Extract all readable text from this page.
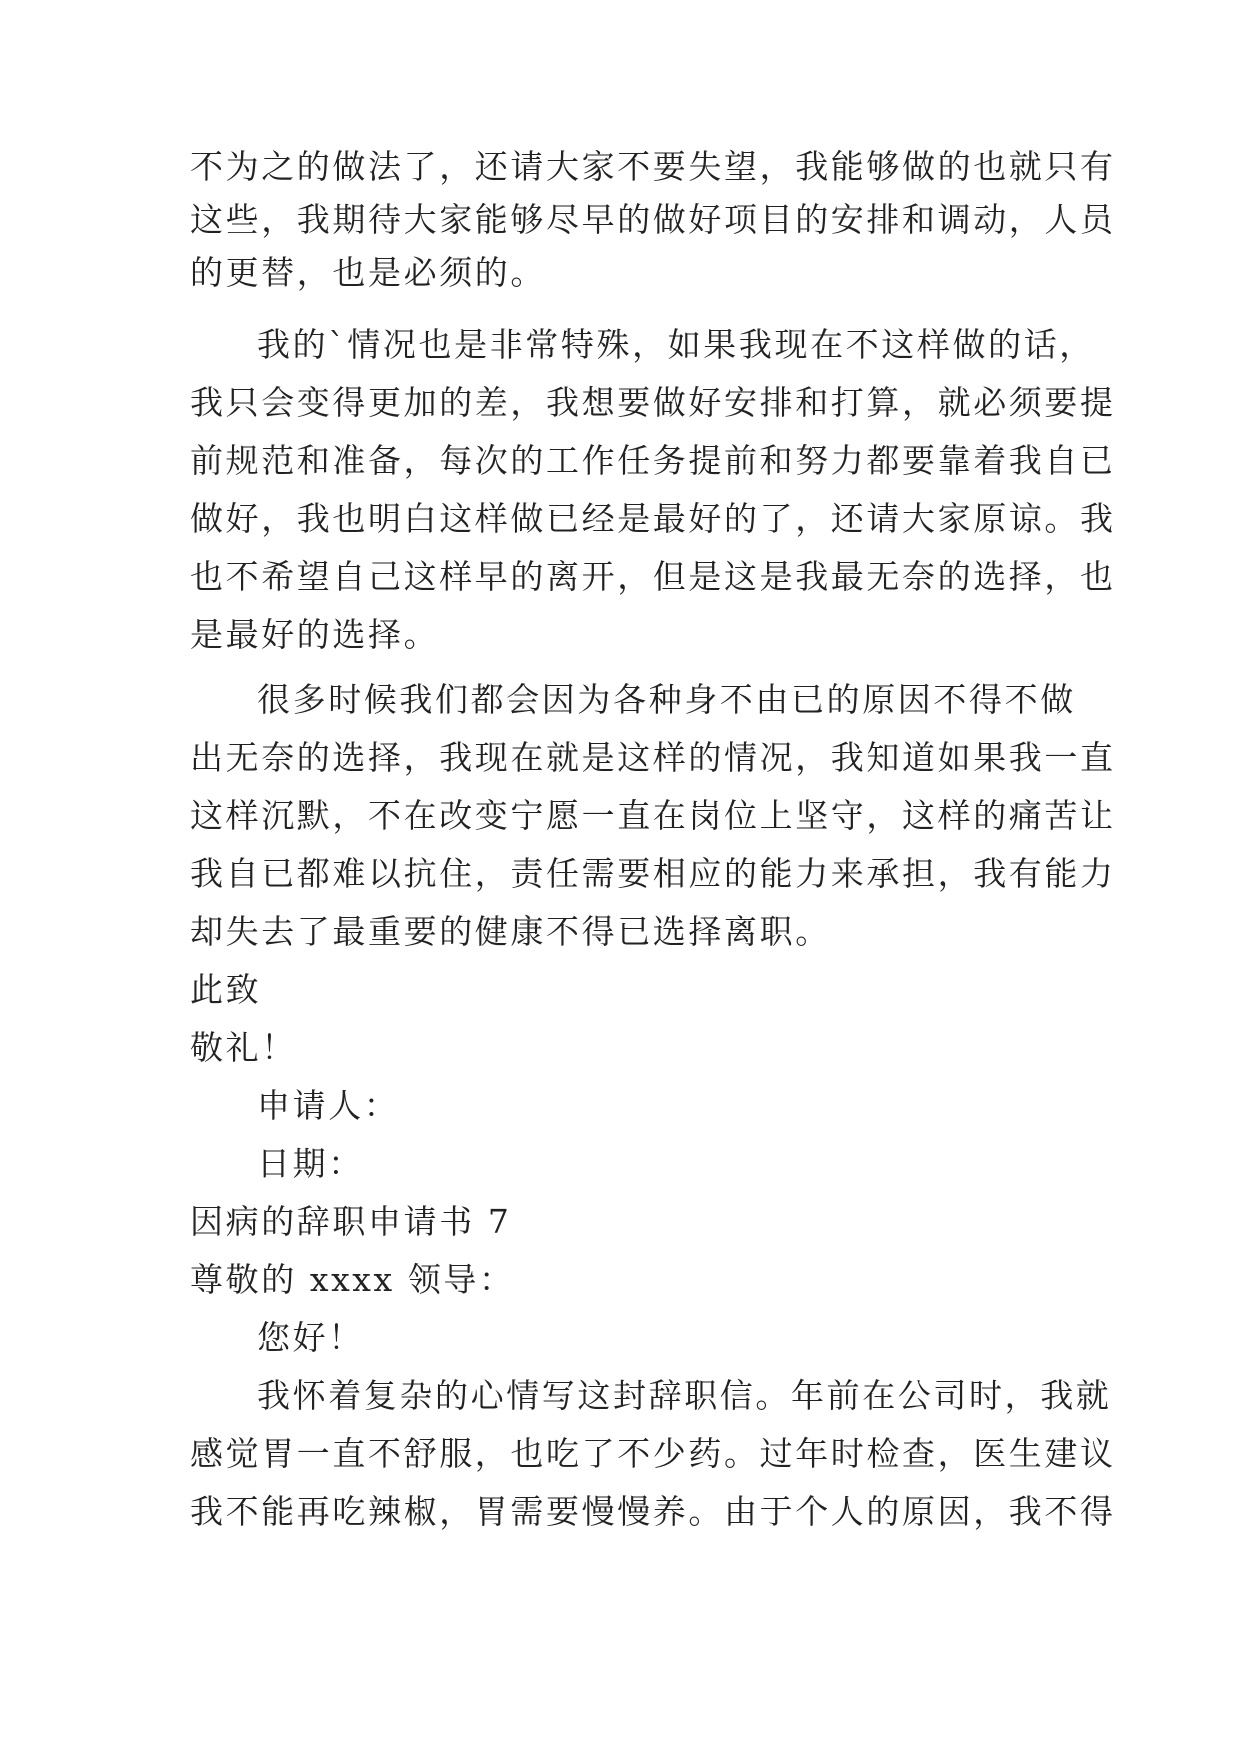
不为之的做法了，还请大家不要失望，我能够做的也就只有
这些，我期待大家能够尽早的做好项目的安排和调动，人员
的更替，也是必须的。
我的`情况也是非常特殊，如果我现在不这样做的话，
我只会变得更加的差，我想要做好安排和打算，就必须要提
前规范和准备，每次的工作任务提前和努力都要靠着我自已
做好，我也明白这样做已经是最好的了，还请大家原谅。我
也不希望自己这样早的离开，但是这是我最无奈的选择，也
是最好的选择。
很多时候我们都会因为各种身不由已的原因不得不做
出无奈的选择，我现在就是这样的情况，我知道如果我一直
这样沉默，不在改变宁愿一直在岗位上坚守，这样的痛苦让
我自已都难以抗住，责任需要相应的能力来承担，我有能力
却失去了最重要的健康不得已选择离职。
此致
敬礼！
申请人：
日期：
因病的辞职申请书 7
尊敬的 xxxx 领导：
您好！
我怀着复杂的心情写这封辞职信。年前在公司时，我就
感觉胃一直不舒服，也吃了不少药。过年时检查，医生建议
我不能再吃辣椒，胃需要慢慢养。由于个人的原因，我不得
